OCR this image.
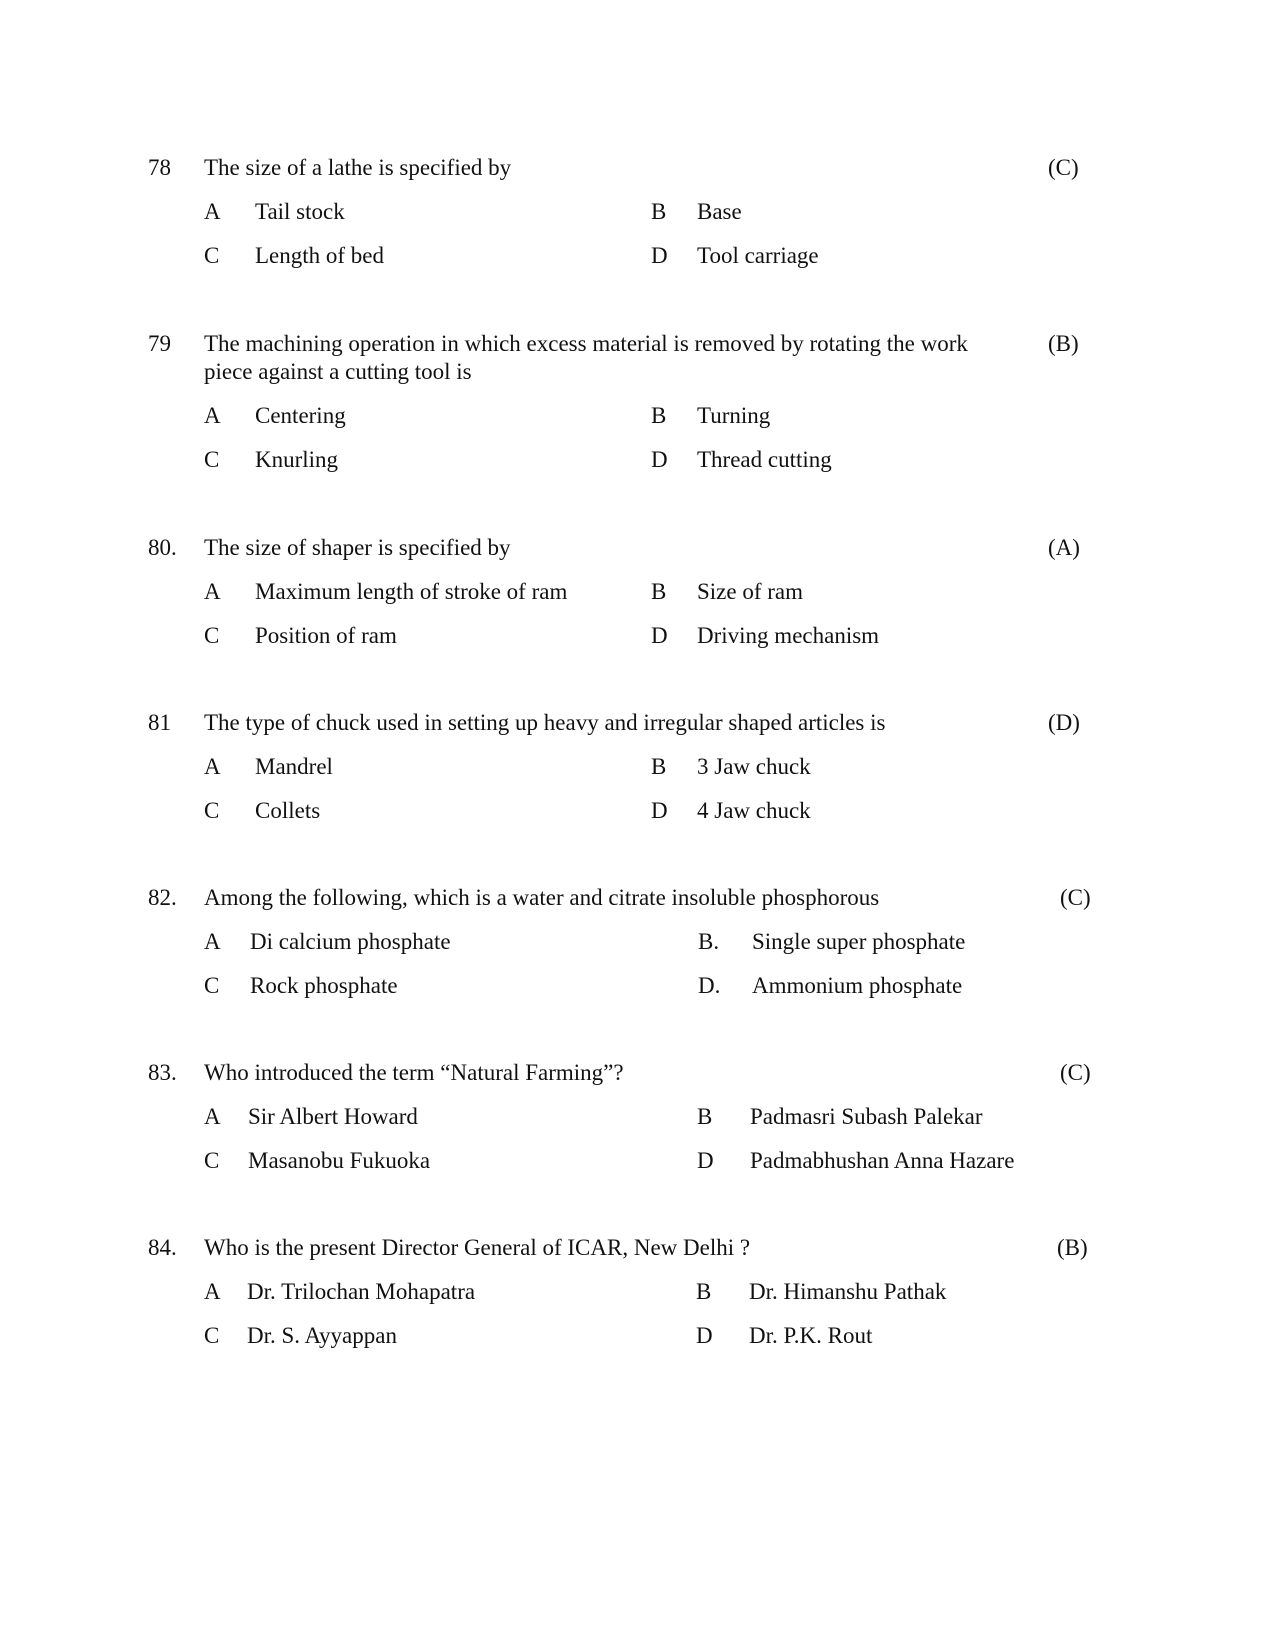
78 The size of a lathe is specified by	(C)
A Tail stock	B Base
C Length of bed	D Tool carriage
79 The machining operation in which excess material is removed by rotating the work piece against a cutting tool is
(B)
A Centering	B Turning
C Knurling	D Thread cutting
80. The size of shaper is specified by	(A)
A Maximum length of stroke of ram	B Size of ram
C Position of ram	D Driving mechanism
81 The type of chuck used in setting up heavy and irregular shaped articles is	(D)
A Mandrel	B 3 Jaw chuck
C Collets	D 4 Jaw chuck
82. Among the following, which is a water and citrate insoluble phosphorous	(C)
A Di calcium phosphate	B. Single super phosphate
C Rock phosphate	D. Ammonium phosphate
83. Who introduced the term “Natural Farming”?	(C)
A Sir Albert Howard	B Padmasri Subash Palekar
C Masanobu Fukuoka	D Padmabhushan Anna Hazare
84. Who is the present Director General of ICAR, New Delhi ?	(B)
A Dr. Trilochan Mohapatra	B Dr. Himanshu Pathak
C Dr. S. Ayyappan	D Dr. P.K. Rout
